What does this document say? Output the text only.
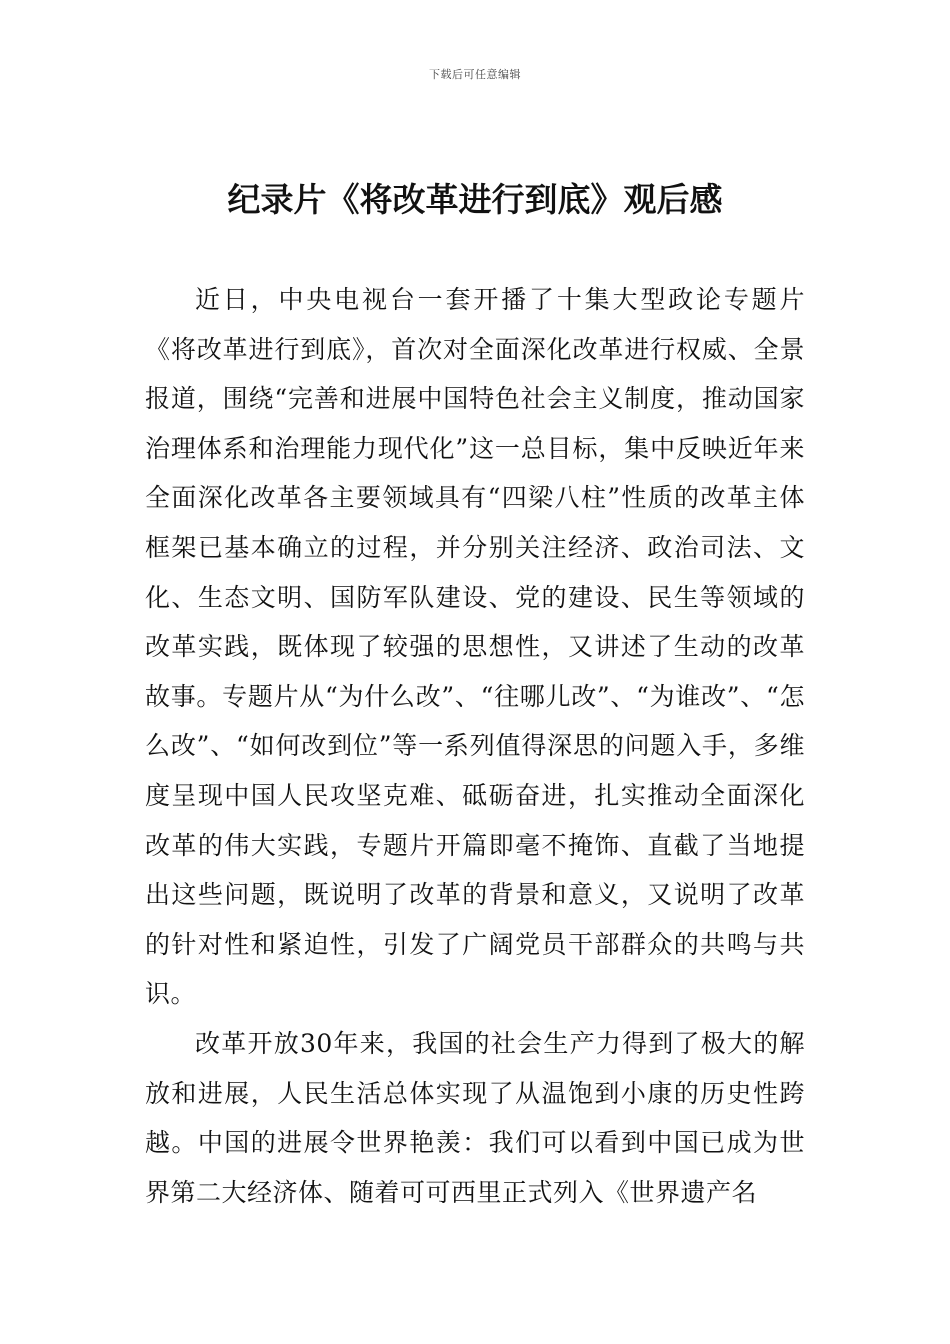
下载后可任意编辑
纪录片《将改革进行到底》观后感

近日，中央电视台一套开播了十集大型政论专题片《将改革进行到底》，首次对全面深化改革进行权威、全景报道，围绕“完善和进展中国特色社会主义制度，推动国家治理体系和治理能力现代化”这一总目标，集中反映近年来全面深化改革各主要领域具有“四梁八柱”性质的改革主体框架已基本确立的过程，并分别关注经济、政治司法、文化、生态文明、国防军队建设、党的建设、民生等领域的改革实践，既体现了较强的思想性，又讲述了生动的改革故事。专题片从“为什么改”、“往哪儿改”、“为谁改”、“怎么改”、“如何改到位”等一系列值得深思的问题入手，多维度呈现中国人民攻坚克难、砥砺奋进，扎实推动全面深化改革的伟大实践，专题片开篇即毫不掩饰、直截了当地提出这些问题，既说明了改革的背景和意义，又说明了改革的针对性和紧迫性，引发了广阔党员干部群众的共鸣与共识。

改革开放30年来，我国的社会生产力得到了极大的解放和进展，人民生活总体实现了从温饱到小康的历史性跨越。中国的进展令世界艳羡：我们可以看到中国已成为世界第二大经济体、随着可可西里正式列入《世界遗产名
